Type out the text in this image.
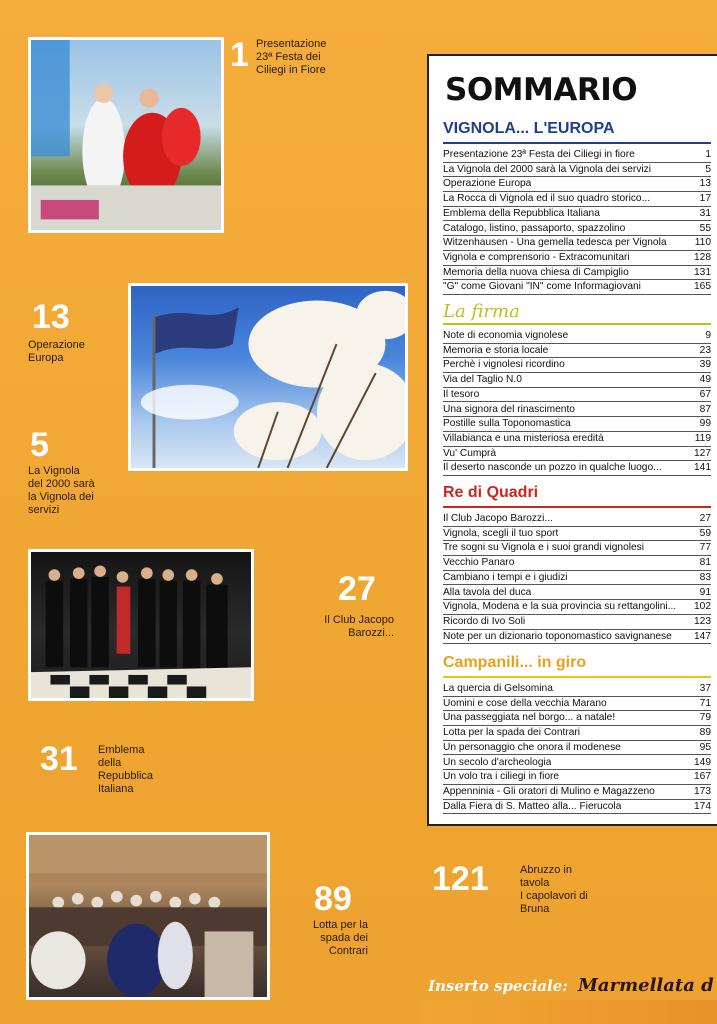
1 Presentazione
23ª Festa dei
Ciliegi in Fiore
13
Operazione
Europa
5
La Vignola
del 2000 sarà
la Vignola dei
servizi
27
Il Club Jacopo
Barozzi...
31 Emblema
della
Repubblica
Italiana
89
Lotta per la
spada dei
Contrari
121	Abruzzo in
tavola
I capolavori di
Bruna
SOMMARIO
VIGNOLA... L'EUROPA
Presentazione 23ª Festa dei Ciliegi in fiore	1
La Vignola del 2000 sarà la Vignola dei servizi	5
Operazione Europa	13
La Rocca di Vignola ed il suo quadro storico...	17
Emblema della Repubblica Italiana	31
Catalogo, listino, passaporto, spazzolino	55
Witzenhausen - Una gemella tedesca per Vignola	110
Vignola e comprensorio - Extracomunitari	128
Memoria della nuova chiesa di Campiglio	131
"G" come Giovani "IN" come Informagiovani	165
La firma
Note di economia vignolese	9
Memoria e storia locale	23
Perchè i vignolesi ricordino	39
Via del Taglio N.0	49
Il tesoro	67
Una signora del rinascimento	87
Postille sulla Toponomastica	99
Villabianca e una misteriosa eredità	119
Vu' Cumprà	127
Il deserto nasconde un pozzo in qualche luogo...	141
Re di Quadri
Il Club Jacopo Barozzi...	27
Vignola, scegli il tuo sport	59
Tre sogni su Vignola e i suoi grandi vignolesi	77
Vecchio Panaro	81
Cambiano i tempi e i giudizi	83
Alla tavola del duca	91
Vignola, Modena e la sua provincia su rettangolini...	102
Ricordo di Ivo Soli	123
Note per un dizionario toponomastico savignanese	147
Campanili... in giro
La quercia di Gelsomina	37
Uomini e cose della vecchia Marano	71
Una passeggiata nel borgo... a natale!	79
Lotta per la spada dei Contrari	89
Un personaggio che onora il modenese	95
Un secolo d'archeologia	149
Un volo tra i ciliegi in fiore	167
Appenninia - Gli oratori di Mulino e Magazzeno	173
Dalla Fiera di S. Matteo alla... Fierucola	174
Inserto speciale: Marmellata d
